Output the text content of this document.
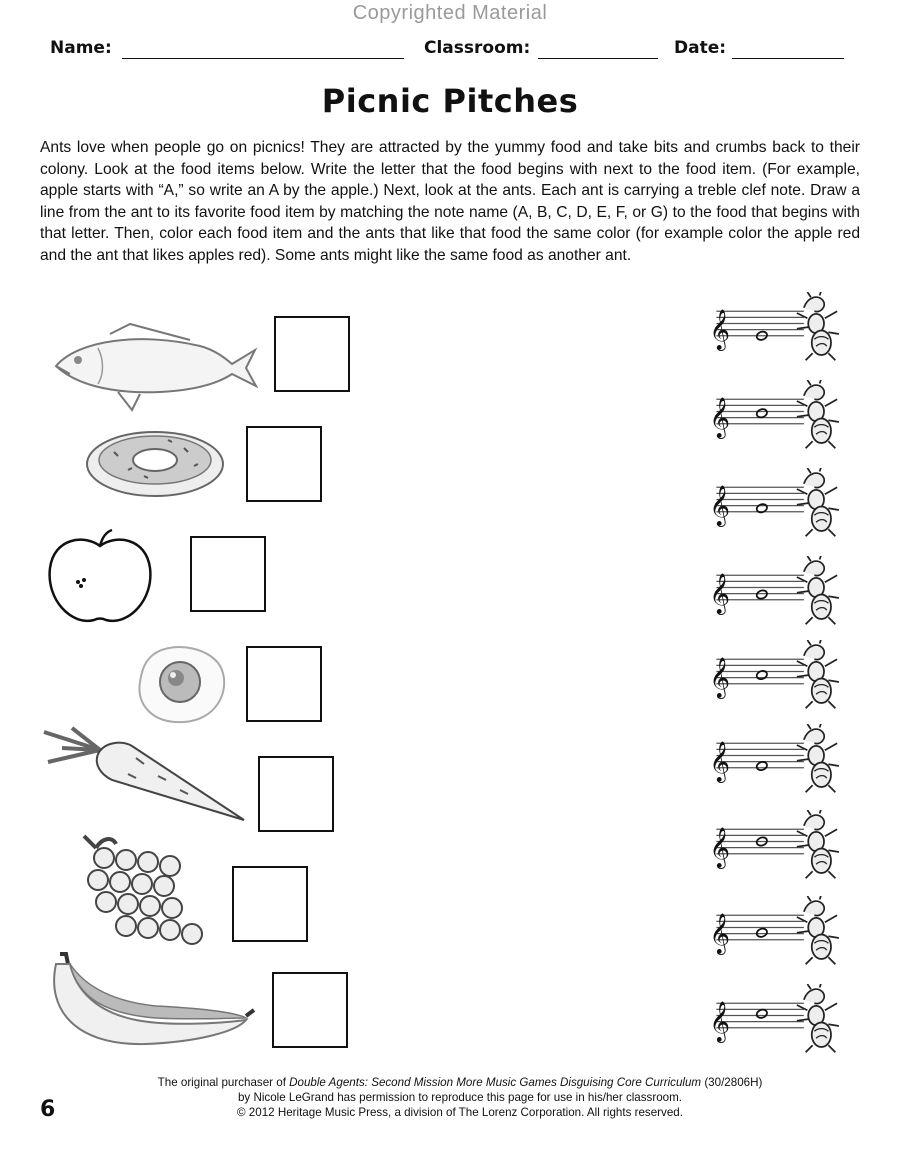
Copyrighted Material
Name:	Classroom:	Date:
Picnic Pitches
Ants love when people go on picnics! They are attracted by the yummy food and take bits and crumbs back to their colony. Look at the food items below. Write the letter that the food begins with next to the food item. (For example, apple starts with “A,” so write an A by the apple.) Next, look at the ants. Each ant is carrying a treble clef note. Draw a line from the ant to its favorite food item by matching the note name (A, B, C, D, E, F, or G) to the food that begins with that letter. Then, color each food item and the ants that like that food the same color (for example color the apple red and the ant that likes apples red). Some ants might like the same food as another ant.
𝄞
𝄞
𝄞
𝄞
𝄞
𝄞
𝄞
𝄞
𝄞
The original purchaser of Double Agents: Second Mission More Music Games Disguising Core Curriculum (30/2806H)
by Nicole LeGrand has permission to reproduce this page for use in his/her classroom.
© 2012 Heritage Music Press, a division of The Lorenz Corporation. All rights reserved.
6
